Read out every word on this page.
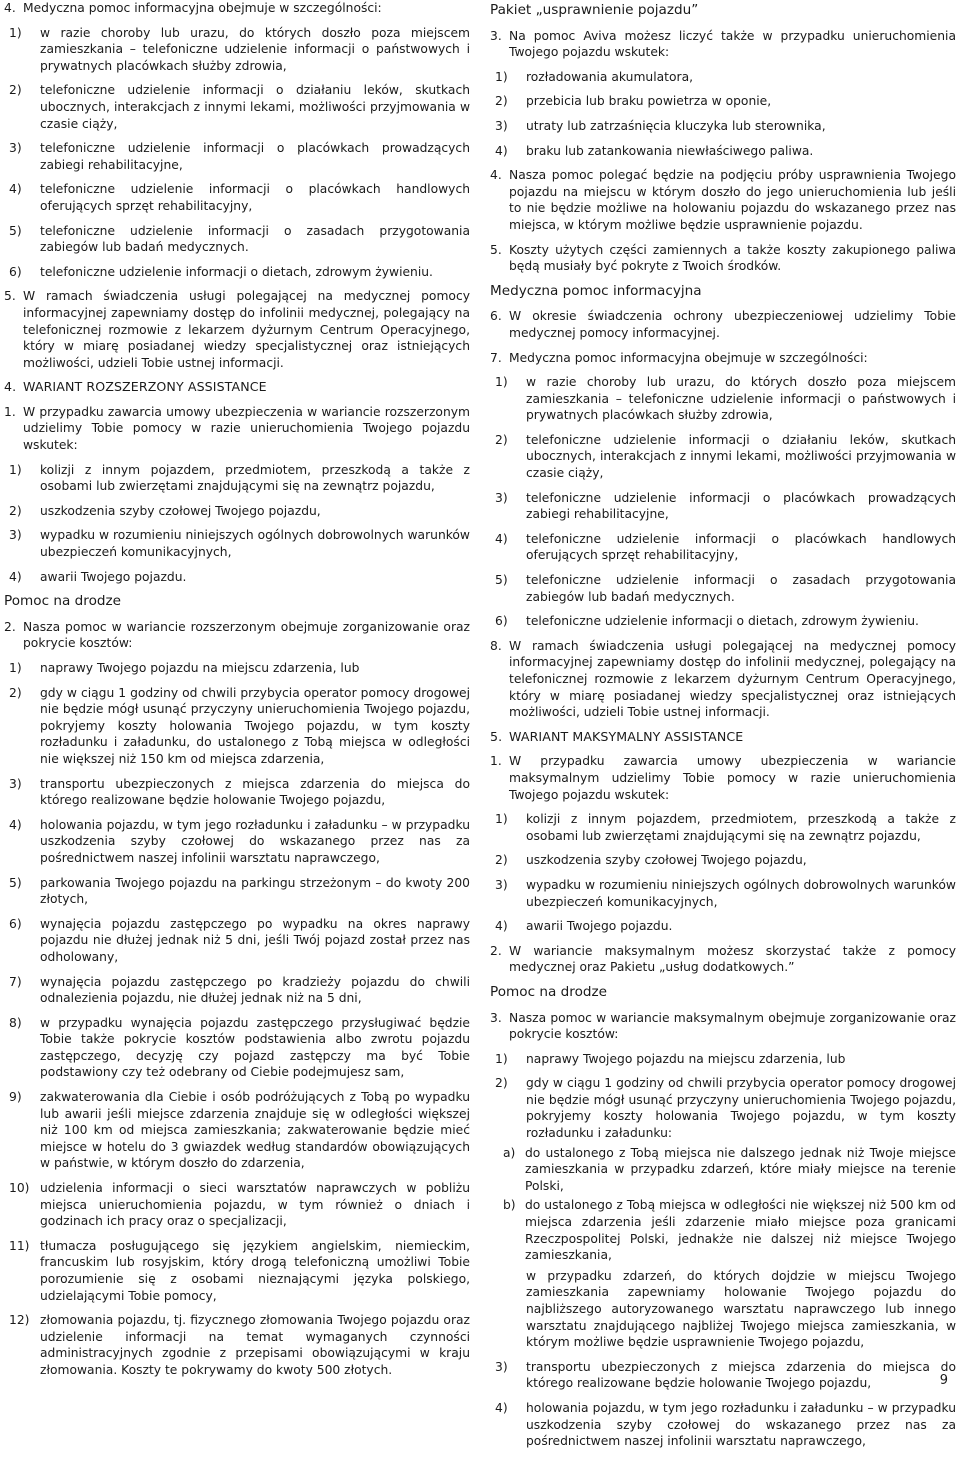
4. Medyczna pomoc informacyjna obejmuje w szczególności:
1) w razie choroby lub urazu, do których doszło poza miejscem zamieszkania – telefoniczne udzielenie informacji o państwowych i prywatnych placówkach służby zdrowia,
2) telefoniczne udzielenie informacji o działaniu leków, skutkach ubocznych, interakcjach z innymi lekami, możliwości przyjmowania w czasie ciąży,
3) telefoniczne udzielenie informacji o placówkach prowadzących zabiegi rehabilitacyjne,
4) telefoniczne udzielenie informacji o placówkach handlowych oferujących sprzęt rehabilitacyjny,
5) telefoniczne udzielenie informacji o zasadach przygotowania zabiegów lub badań medycznych.
6) telefoniczne udzielenie informacji o dietach, zdrowym żywieniu.
5. W ramach świadczenia usługi polegającej na medycznej pomocy informacyjnej zapewniamy dostęp do infolinii medycznej, polegający na telefonicznej rozmowie z lekarzem dyżurnym Centrum Operacyjnego, który w miarę posiadanej wiedzy specjalistycznej oraz istniejących możliwości, udzieli Tobie ustnej informacji.
4. WARIANT ROZSZERZONY ASSISTANCE
1. W przypadku zawarcia umowy ubezpieczenia w wariancie rozszerzonym udzielimy Tobie pomocy w razie unieruchomienia Twojego pojazdu wskutek:
1) kolizji z innym pojazdem, przedmiotem, przeszkodą a także z osobami lub zwierzętami znajdującymi się na zewnątrz pojazdu,
2) uszkodzenia szyby czołowej Twojego pojazdu,
3) wypadku w rozumieniu niniejszych ogólnych dobrowolnych warunków ubezpieczeń komunikacyjnych,
4) awarii Twojego pojazdu.
Pomoc na drodze
2. Nasza pomoc w wariancie rozszerzonym obejmuje zorganizowanie oraz pokrycie kosztów:
1) naprawy Twojego pojazdu na miejscu zdarzenia, lub
2) gdy w ciągu 1 godziny od chwili przybycia operator pomocy drogowej nie będzie mógł usunąć przyczyny unieruchomienia Twojego pojazdu, pokryjemy koszty holowania Twojego pojazdu, w tym koszty rozładunku i załadunku, do ustalonego z Tobą miejsca w odległości nie większej niż 150 km od miejsca zdarzenia,
3) transportu ubezpieczonych z miejsca zdarzenia do miejsca do którego realizowane będzie holowanie Twojego pojazdu,
4) holowania pojazdu, w tym jego rozładunku i załadunku – w przypadku uszkodzenia szyby czołowej do wskazanego przez nas za pośrednictwem naszej infolinii warsztatu naprawczego,
5) parkowania Twojego pojazdu na parkingu strzeżonym – do kwoty 200 złotych,
6) wynajęcia pojazdu zastępczego po wypadku na okres naprawy pojazdu nie dłużej jednak niż 5 dni, jeśli Twój pojazd został przez nas odholowany,
7) wynajęcia pojazdu zastępczego po kradzieży pojazdu do chwili odnalezienia pojazdu, nie dłużej jednak niż na 5 dni,
8) w przypadku wynajęcia pojazdu zastępczego przysługiwać będzie Tobie także pokrycie kosztów podstawienia albo zwrotu pojazdu zastępczego, decyzję czy pojazd zastępczy ma być Tobie podstawiony czy też odebrany od Ciebie podejmujesz sam,
9) zakwaterowania dla Ciebie i osób podróżujących z Tobą po wypadku lub awarii jeśli miejsce zdarzenia znajduje się w odległości większej niż 100 km od miejsca zamieszkania; zakwaterowanie będzie mieć miejsce w hotelu do 3 gwiazdek według standardów obowiązujących w państwie, w którym doszło do zdarzenia,
10) udzielenia informacji o sieci warsztatów naprawczych w pobliżu miejsca unieruchomienia pojazdu, w tym również o dniach i godzinach ich pracy oraz o specjalizacji,
11) tłumacza posługującego się językiem angielskim, niemieckim, francuskim lub rosyjskim, który drogą telefoniczną umożliwi Tobie porozumienie się z osobami nieznającymi języka polskiego, udzielającymi Tobie pomocy,
12) złomowania pojazdu, tj. fizycznego złomowania Twojego pojazdu oraz udzielenie informacji na temat wymaganych czynności administracyjnych zgodnie z przepisami obowiązującymi w kraju złomowania. Koszty te pokrywamy do kwoty 500 złotych.
Pakiet „usprawnienie pojazdu”
3. Na pomoc Aviva możesz liczyć także w przypadku unieruchomienia Twojego pojazdu wskutek:
1) rozładowania akumulatora,
2) przebicia lub braku powietrza w oponie,
3) utraty lub zatrzaśnięcia kluczyka lub sterownika,
4) braku lub zatankowania niewłaściwego paliwa.
4. Nasza pomoc polegać będzie na podjęciu próby usprawnienia Twojego pojazdu na miejscu w którym doszło do jego unieruchomienia lub jeśli to nie będzie możliwe na holowaniu pojazdu do wskazanego przez nas miejsca, w którym możliwe będzie usprawnienie pojazdu.
5. Koszty użytych części zamiennych a także koszty zakupionego paliwa będą musiały być pokryte z Twoich środków.
Medyczna pomoc informacyjna
6. W okresie świadczenia ochrony ubezpieczeniowej udzielimy Tobie medycznej pomocy informacyjnej.
7. Medyczna pomoc informacyjna obejmuje w szczególności:
1) w razie choroby lub urazu, do których doszło poza miejscem zamieszkania – telefoniczne udzielenie informacji o państwowych i prywatnych placówkach służby zdrowia,
2) telefoniczne udzielenie informacji o działaniu leków, skutkach ubocznych, interakcjach z innymi lekami, możliwości przyjmowania w czasie ciąży,
3) telefoniczne udzielenie informacji o placówkach prowadzących zabiegi rehabilitacyjne,
4) telefoniczne udzielenie informacji o placówkach handlowych oferujących sprzęt rehabilitacyjny,
5) telefoniczne udzielenie informacji o zasadach przygotowania zabiegów lub badań medycznych.
6) telefoniczne udzielenie informacji o dietach, zdrowym żywieniu.
8. W ramach świadczenia usługi polegającej na medycznej pomocy informacyjnej zapewniamy dostęp do infolinii medycznej, polegający na telefonicznej rozmowie z lekarzem dyżurnym Centrum Operacyjnego, który w miarę posiadanej wiedzy specjalistycznej oraz istniejących możliwości, udzieli Tobie ustnej informacji.
5. WARIANT MAKSYMALNY ASSISTANCE
1. W przypadku zawarcia umowy ubezpieczenia w wariancie maksymalnym udzielimy Tobie pomocy w razie unieruchomienia Twojego pojazdu wskutek:
1) kolizji z innym pojazdem, przedmiotem, przeszkodą a także z osobami lub zwierzętami znajdującymi się na zewnątrz pojazdu,
2) uszkodzenia szyby czołowej Twojego pojazdu,
3) wypadku w rozumieniu niniejszych ogólnych dobrowolnych warunków ubezpieczeń komunikacyjnych,
4) awarii Twojego pojazdu.
2. W wariancie maksymalnym możesz skorzystać także z pomocy medycznej oraz Pakietu „usług dodatkowych.”
Pomoc na drodze
3. Nasza pomoc w wariancie maksymalnym obejmuje zorganizowanie oraz pokrycie kosztów:
1) naprawy Twojego pojazdu na miejscu zdarzenia, lub
2) gdy w ciągu 1 godziny od chwili przybycia operator pomocy drogowej nie będzie mógł usunąć przyczyny unieruchomienia Twojego pojazdu, pokryjemy koszty holowania Twojego pojazdu, w tym koszty rozładunku i załadunku:
a) do ustalonego z Tobą miejsca nie dalszego jednak niż Twoje miejsce zamieszkania w przypadku zdarzeń, które miały miejsce na terenie Polski,
b) do ustalonego z Tobą miejsca w odległości nie większej niż 500 km od miejsca zdarzenia jeśli zdarzenie miało miejsce poza granicami Rzeczpospolitej Polski, jednakże nie dalszej niż miejsce Twojego zamieszkania,
w przypadku zdarzeń, do których dojdzie w miejscu Twojego zamieszkania zapewniamy holowanie Twojego pojazdu do najbliższego autoryzowanego warsztatu naprawczego lub innego warsztatu znajdującego najbliżej Twojego miejsca zamieszkania, w którym możliwe będzie usprawnienie Twojego pojazdu,
3) transportu ubezpieczonych z miejsca zdarzenia do miejsca do którego realizowane będzie holowanie Twojego pojazdu,
4) holowania pojazdu, w tym jego rozładunku i załadunku – w przypadku uszkodzenia szyby czołowej do wskazanego przez nas za pośrednictwem naszej infolinii warsztatu naprawczego,
9
